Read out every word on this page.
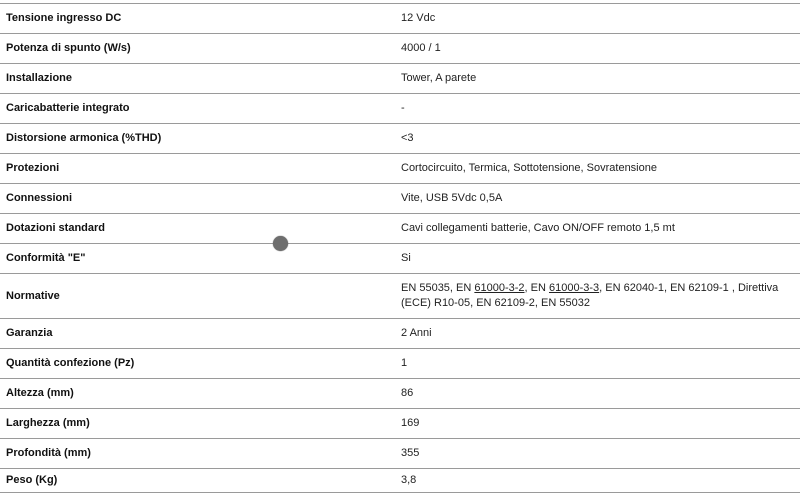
Tensione ingresso DC	12 Vdc
Potenza di spunto (W/s)	4000 / 1
Installazione	Tower, A parete
Caricabatterie integrato	-
Distorsione armonica (%THD)	<3
Protezioni	Cortocircuito, Termica, Sottotensione, Sovratensione
Connessioni	Vite, USB 5Vdc 0,5A
Dotazioni standard	Cavi collegamenti batterie, Cavo ON/OFF remoto 1,5 mt
Conformità "E"	Si
Normative	EN 55035, EN 61000-3-2, EN 61000-3-3, EN 62040-1, EN 62109-1 , Direttiva (ECE) R10-05, EN 62109-2, EN 55032
Garanzia	2 Anni
Quantità confezione (Pz)	1
Altezza (mm)	86
Larghezza (mm)	169
Profondità (mm)	355
Peso (Kg)	3,8
